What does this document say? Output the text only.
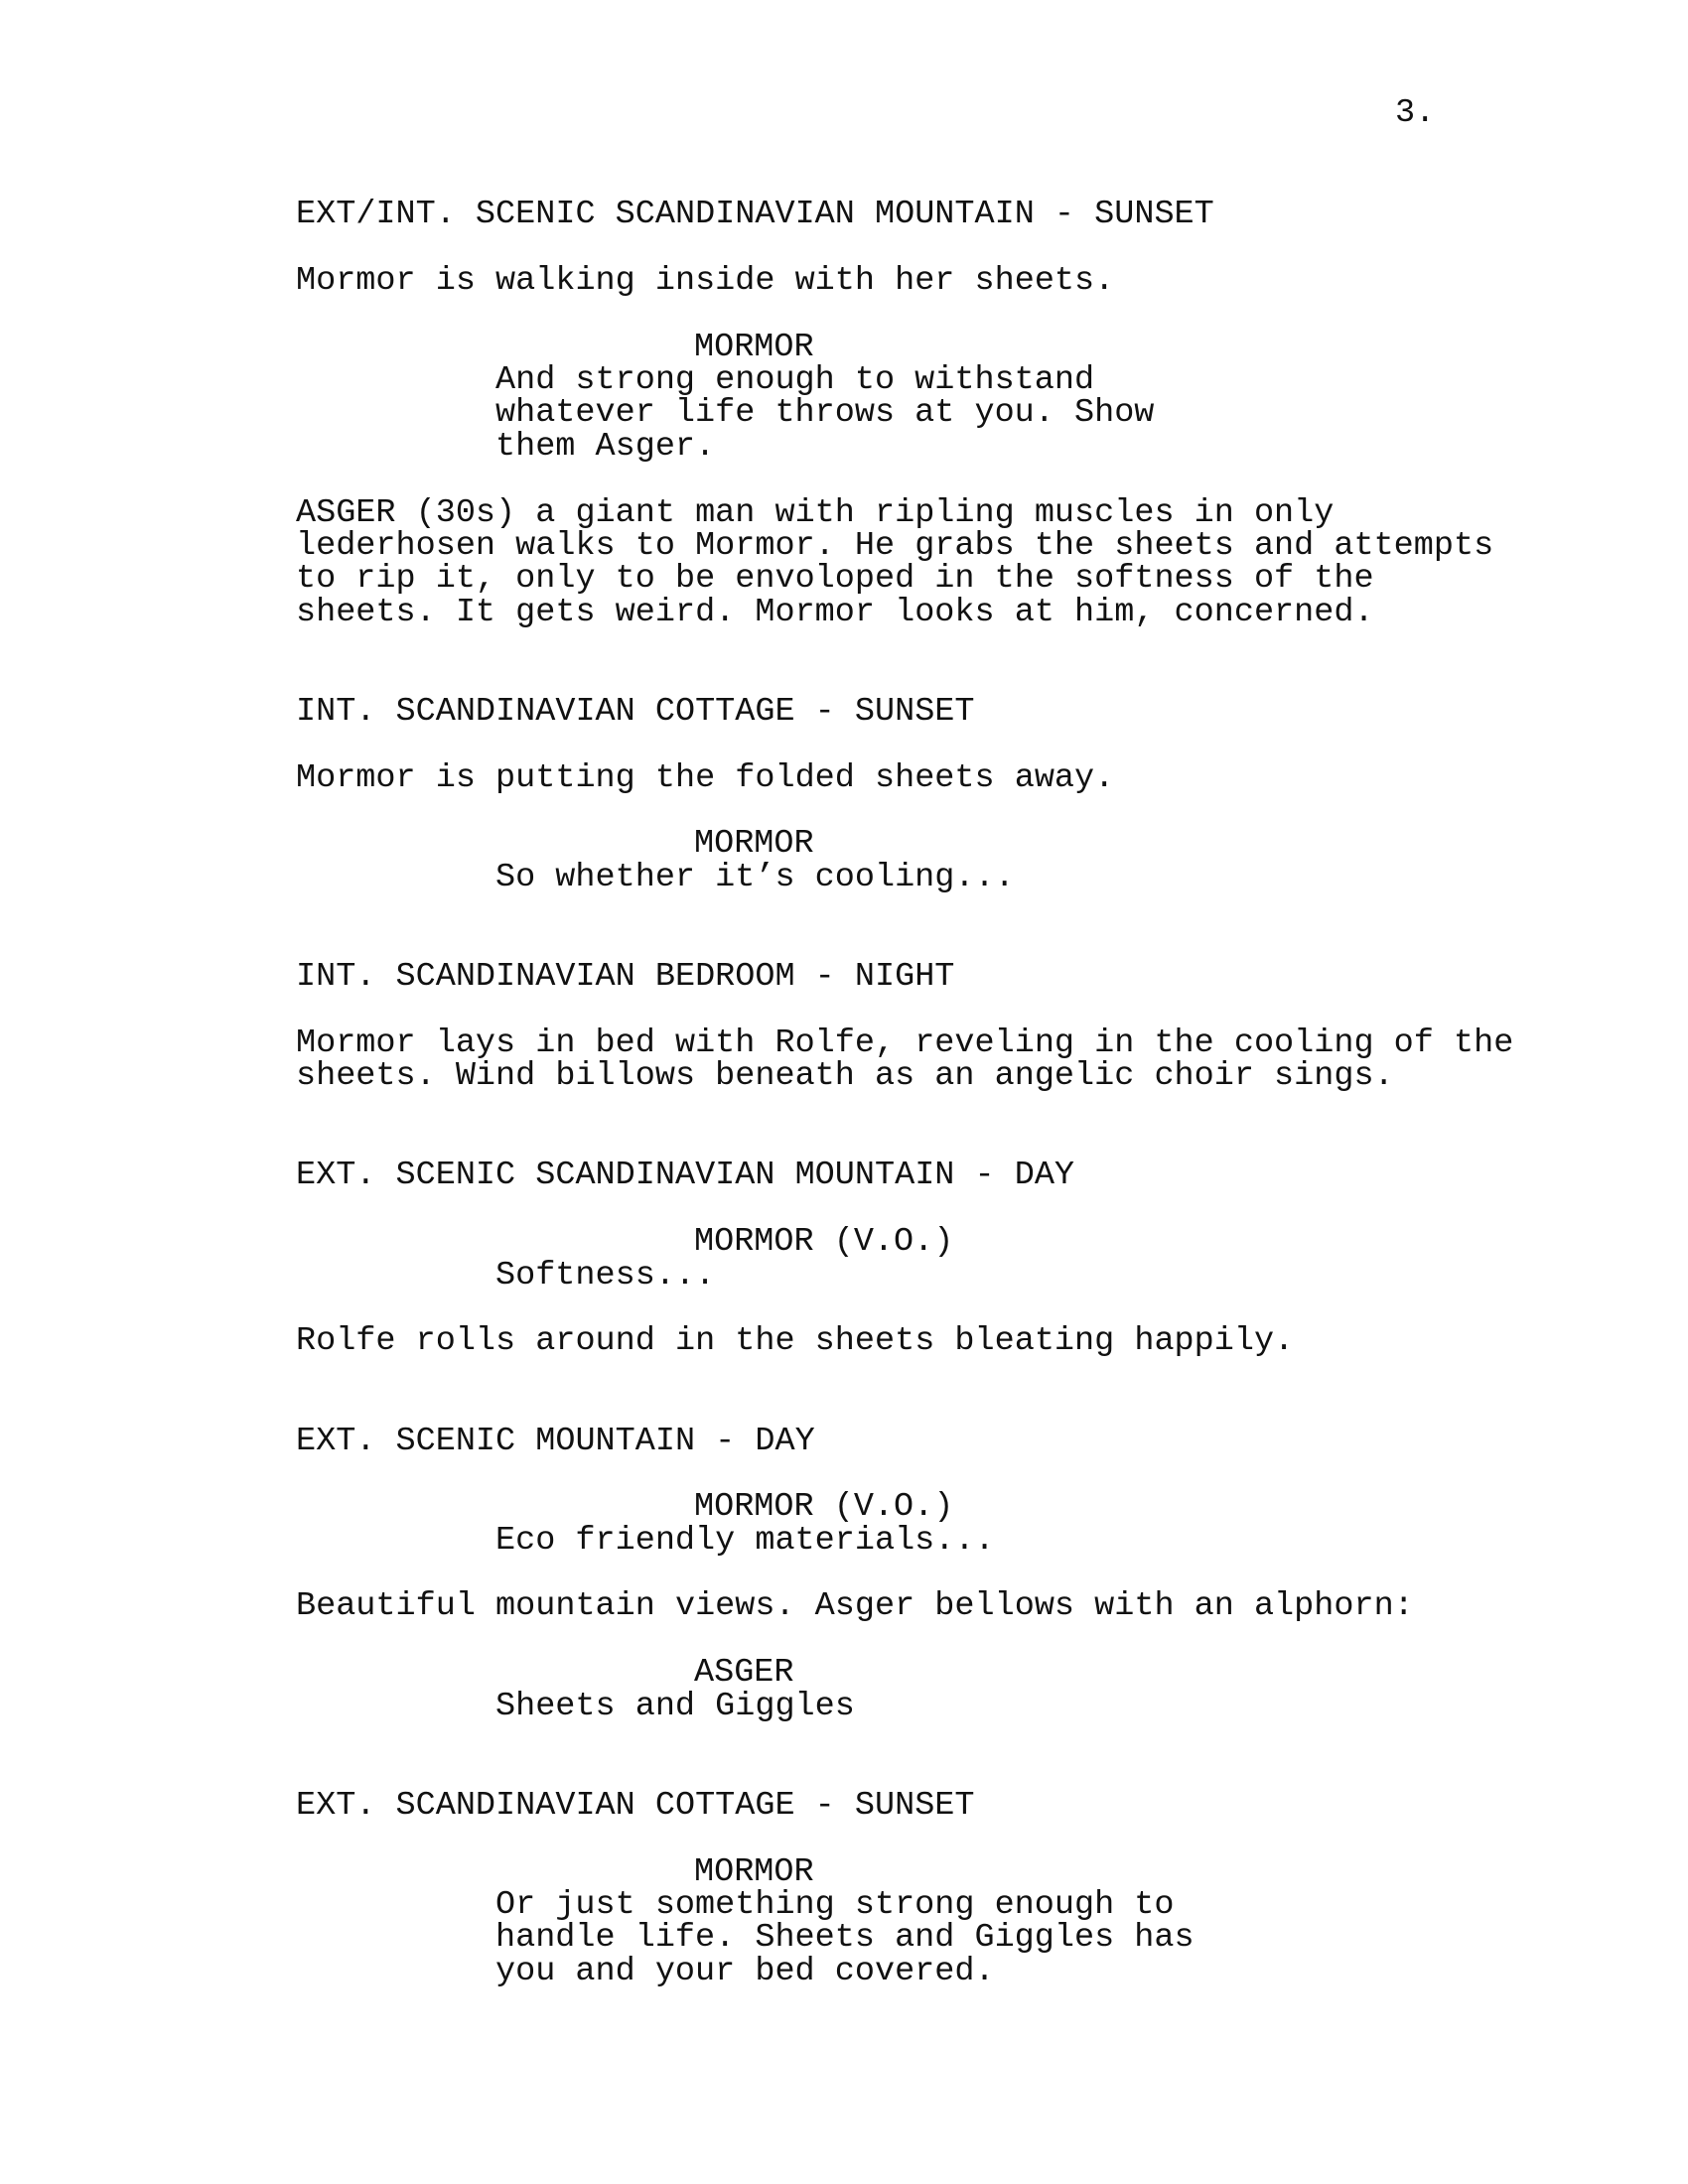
3.
EXT/INT. SCENIC SCANDINAVIAN MOUNTAIN - SUNSET
Mormor is walking inside with her sheets.
MORMOR
And strong enough to withstand
whatever life throws at you. Show
them Asger.
ASGER (30s) a giant man with ripling muscles in only
lederhosen walks to Mormor. He grabs the sheets and attempts
to rip it, only to be envoloped in the softness of the
sheets. It gets weird. Mormor looks at him, concerned.
INT. SCANDINAVIAN COTTAGE - SUNSET
Mormor is putting the folded sheets away.
MORMOR
So whether it’s cooling...
INT. SCANDINAVIAN BEDROOM - NIGHT
Mormor lays in bed with Rolfe, reveling in the cooling of the
sheets. Wind billows beneath as an angelic choir sings.
EXT. SCENIC SCANDINAVIAN MOUNTAIN - DAY
MORMOR (V.O.)
Softness...
Rolfe rolls around in the sheets bleating happily.
EXT. SCENIC MOUNTAIN - DAY
MORMOR (V.O.)
Eco friendly materials...
Beautiful mountain views. Asger bellows with an alphorn:
ASGER
Sheets and Giggles
EXT. SCANDINAVIAN COTTAGE - SUNSET
MORMOR
Or just something strong enough to
handle life. Sheets and Giggles has
you and your bed covered.
